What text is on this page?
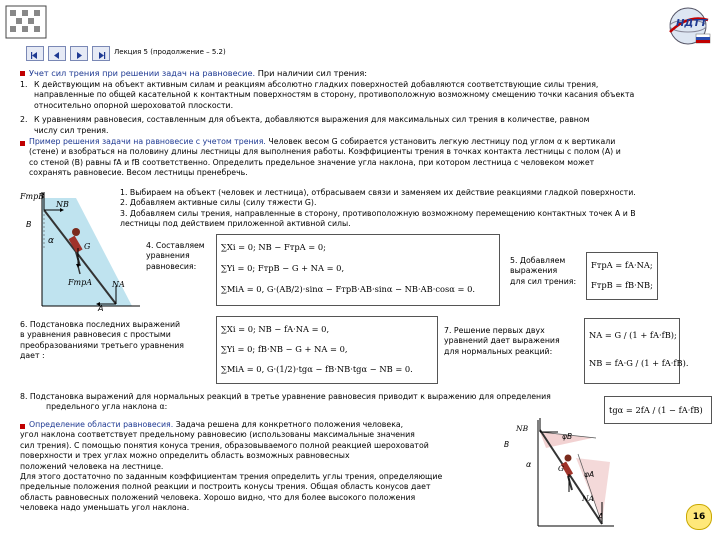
НДТТ
Лекция 5 (продолжение – 5.2)
Учет сил трения при решении задач на равновесие. При наличии сил трения:
1. К действующим на объект активным силам и реакциям абсолютно гладких поверхностей добавляются соответствующие силы трения,
направленные по общей касательной к контактным поверхностям в сторону, противоположную возможному смещению точки касания объекта
относительно опорной шероховатой плоскости.
2. К уравнениям равновесия, составленным для объекта, добавляются выражения для максимальных сил трения в количестве, равном
числу сил трения.
Пример решения задачи на равновесие с учетом трения. Человек весом G собирается установить легкую лестницу под углом α к вертикали
(стене) и взобраться на половину длины лестницы для выполнения работы. Коэффициенты трения в точках контакта лестницы с полом (A) и
со стеной (B) равны fA и fB соответственно. Определить предельное значение угла наклона, при котором лестница с человеком может
сохранять равновесие. Весом лестницы пренебречь.
FтрB
NB
B
α
G
FтрA NA
A
1. Выбираем на объект (человек и лестница), отбрасываем связи и заменяем их действие реакциями гладкой поверхности.
2. Добавляем активные силы (силу тяжести G).
3. Добавляем силы трения, направленные в сторону, противоположную возможному перемещению контактных точек A и B
лестницы под действием приложенной активной силы.
4. Составляем
уравнения
равновесия:
∑Xi = 0; NB − FтрA = 0;
∑Yi = 0; FтрB − G + NA = 0,
∑MiA = 0, G·(AB/2)·sinα − FтрB·AB·sinα − NB·AB·cosα = 0.
5. Добавляем
выражения
для сил трения:
FтрA = fA·NA;
FтрB = fB·NB;
6. Подстановка последних выражений
в уравнения равновесия с простыми
преобразованиями третьего уравнения
дает :
∑Xi = 0; NB − fA·NA = 0,
∑Yi = 0; fB·NB − G + NA = 0,
∑MiA = 0, G·(1/2)·tgα − fB·NB·tgα − NB = 0.
7. Решение первых двух
уравнений дает выражения
для нормальных реакций:
NA = G / (1 + fA·fB);
NB = fA·G / (1 + fA·fB).
8. Подстановка выражений для нормальных реакций в третье уравнение равновесия приводит к выражению для определения
предельного угла наклона α:	tgα = 2fA / (1 − fA·fB)
Определение области равновесия. Задача решена для конкретного положения человека,
угол наклона соответствует предельному равновесию (использованы максимальные значения
сил трения). С помощью понятия конуса трения, образовываемого полной реакцией шероховатой
поверхности и трех углах можно определить область возможных равновесных
положений человека на лестнице.
Для этого достаточно по заданным коэффициентам трения определить углы трения, определяющие
предельные положения полной реакции и построить конусы трения. Общая область конусов дает
область равновесных положений человека. Хорошо видно, что для более высокого положения
человека надо уменьшать угол наклона.
NB
B
φB
α	G
φA
NA
A	16
